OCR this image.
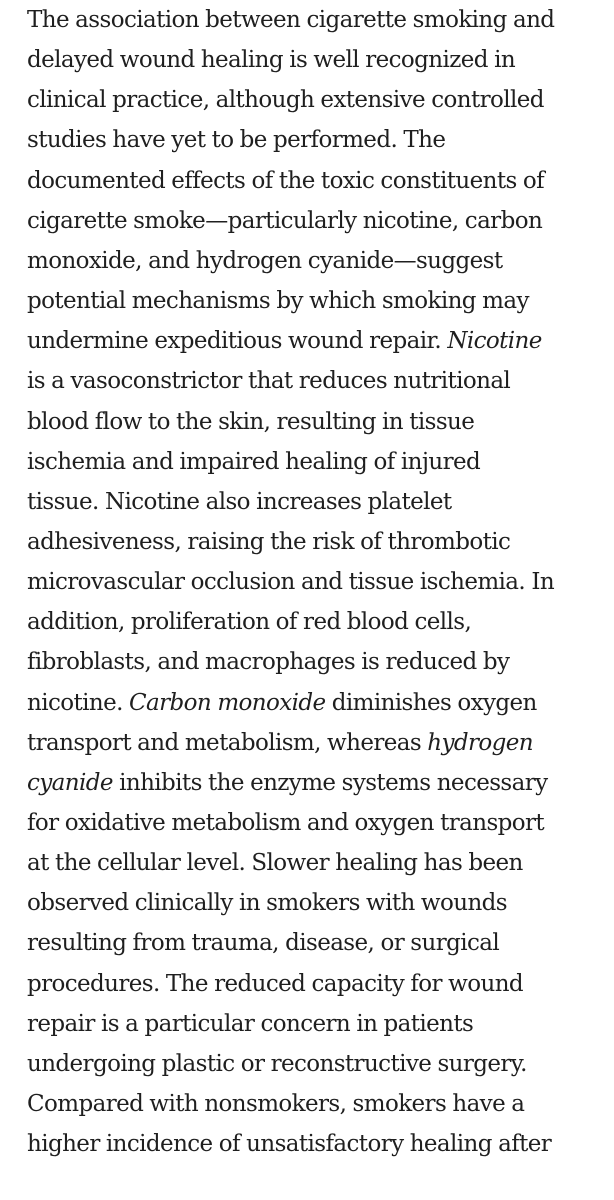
The association between cigarette smoking and
delayed wound healing is well recognized in
clinical practice, although extensive controlled
studies have yet to be performed. The
documented effects of the toxic constituents of
cigarette smoke—particularly nicotine, carbon
monoxide, and hydrogen cyanide—suggest
potential mechanisms by which smoking may
undermine expeditious wound repair. Nicotine
is a vasoconstrictor that reduces nutritional
blood flow to the skin, resulting in tissue
ischemia and impaired healing of injured
tissue. Nicotine also increases platelet
adhesiveness, raising the risk of thrombotic
microvascular occlusion and tissue ischemia. In
addition, proliferation of red blood cells,
fibroblasts, and macrophages is reduced by
nicotine. Carbon monoxide diminishes oxygen
transport and metabolism, whereas hydrogen
cyanide inhibits the enzyme systems necessary
for oxidative metabolism and oxygen transport
at the cellular level. Slower healing has been
observed clinically in smokers with wounds
resulting from trauma, disease, or surgical
procedures. The reduced capacity for wound
repair is a particular concern in patients
undergoing plastic or reconstructive surgery.
Compared with nonsmokers, smokers have a
higher incidence of unsatisfactory healing after
